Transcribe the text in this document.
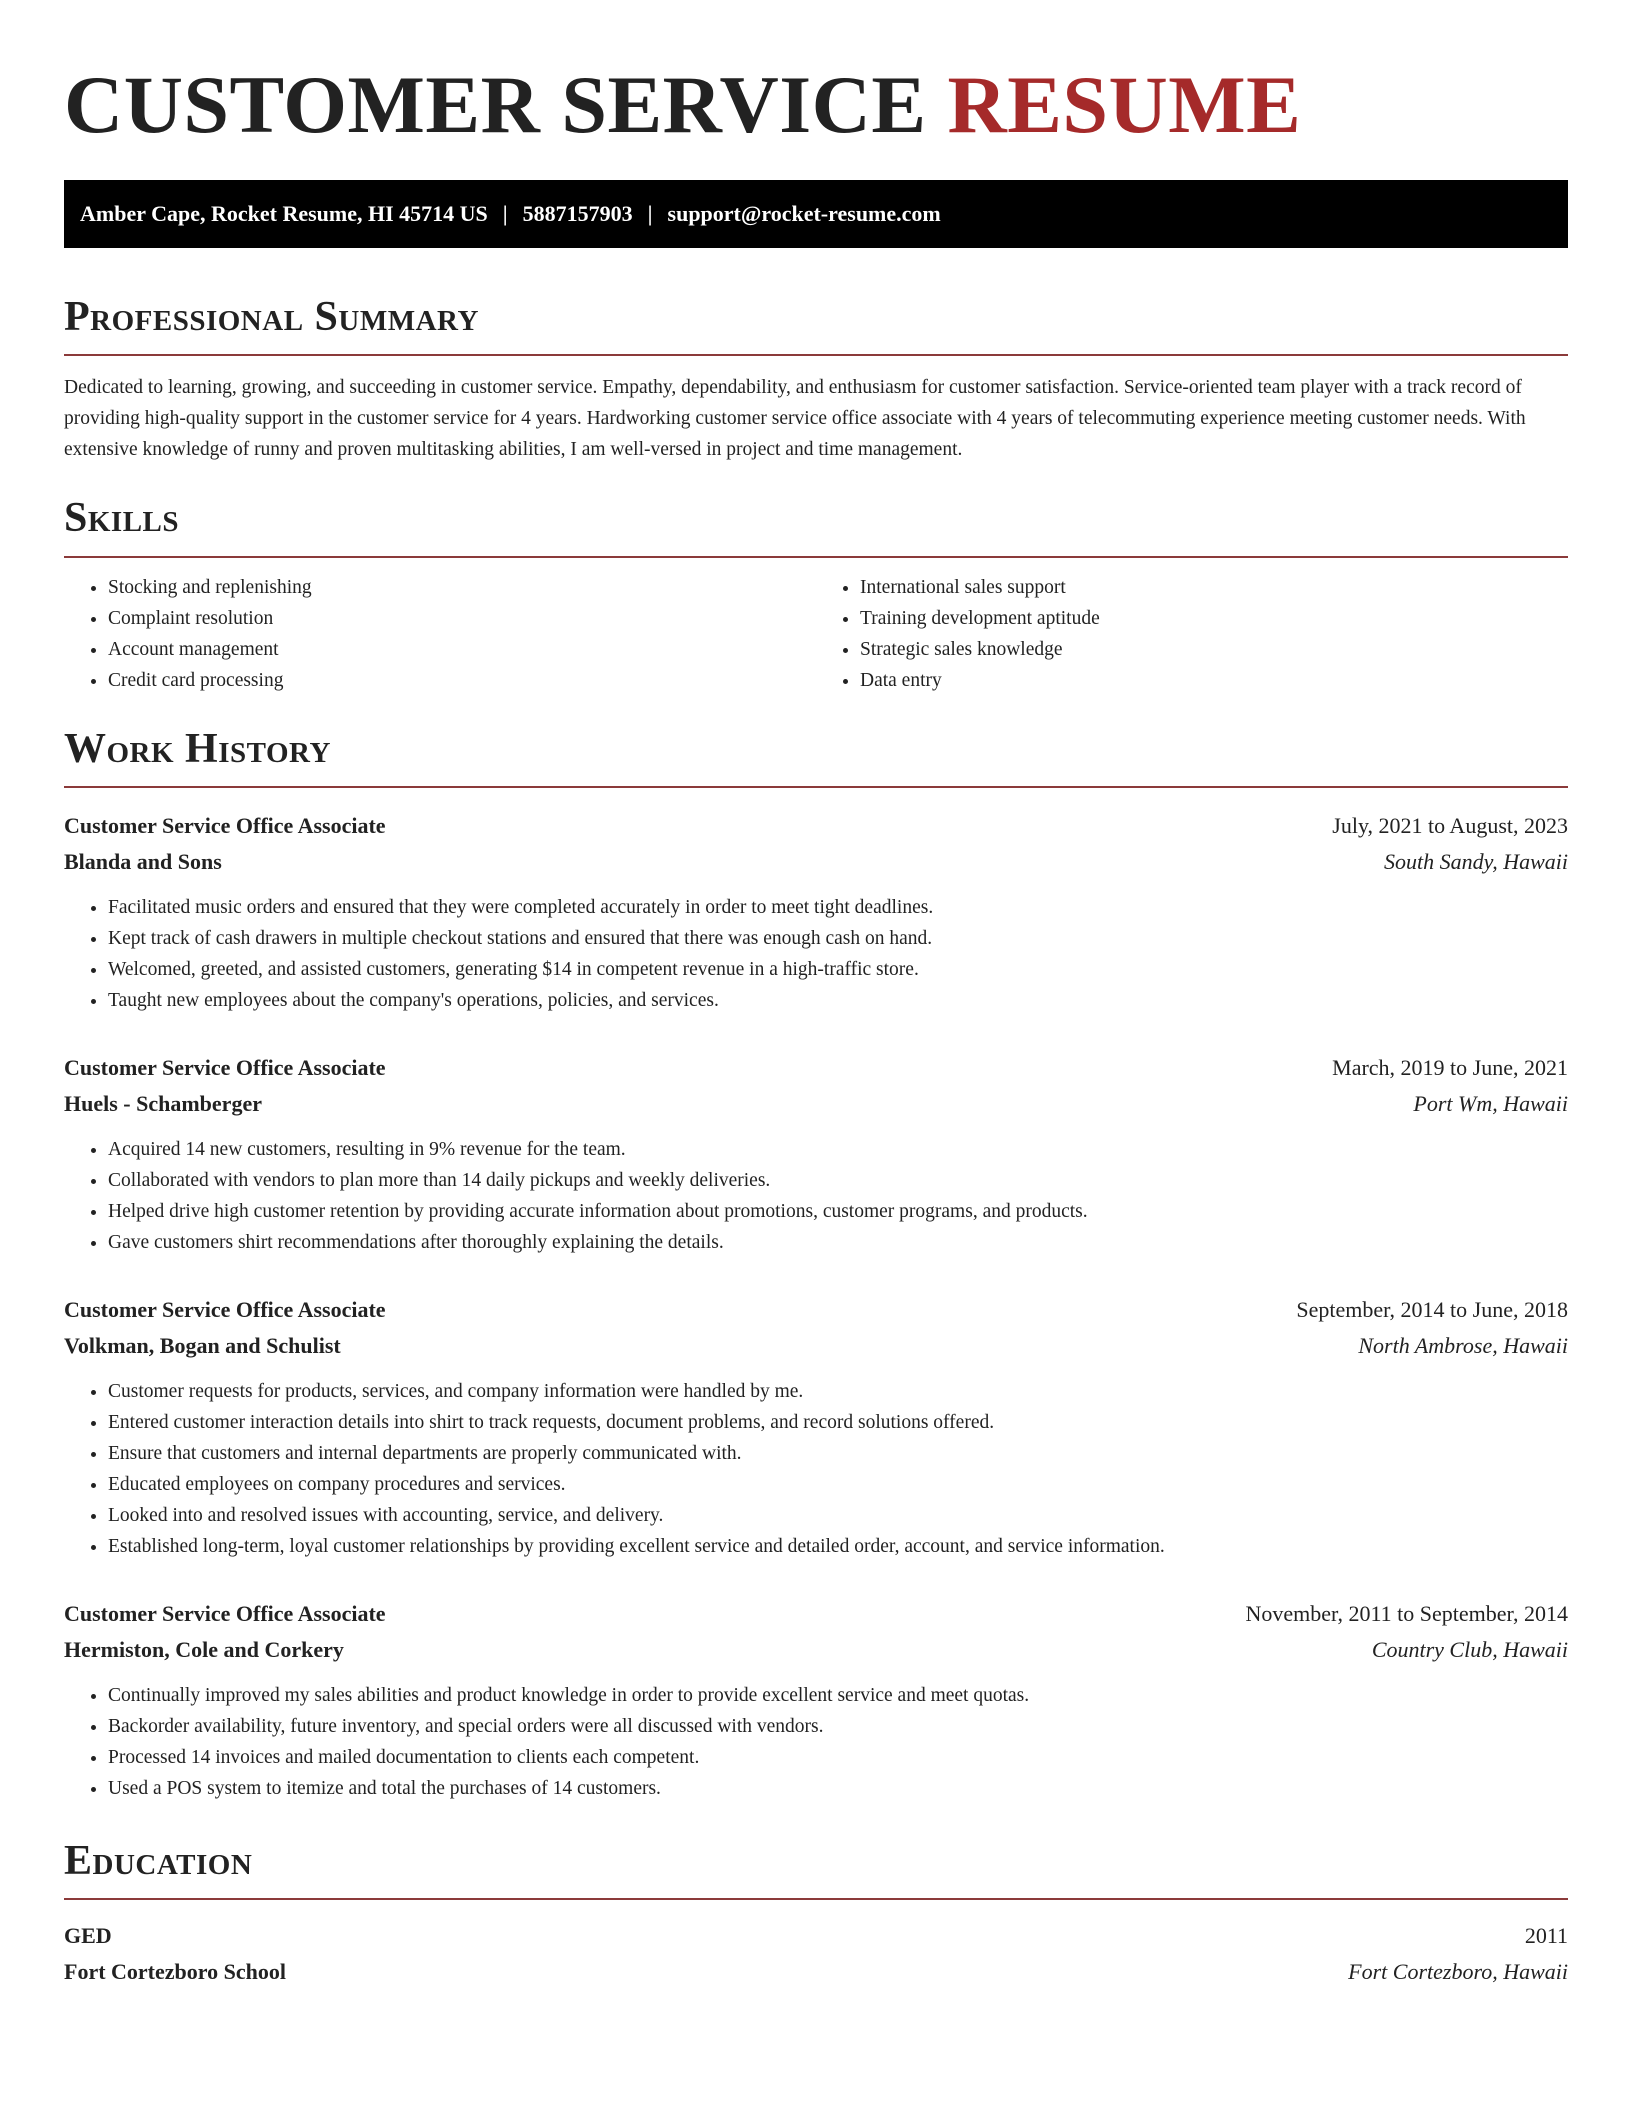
CUSTOMER SERVICE RESUME
Amber Cape, Rocket Resume, HI 45714 US | 5887157903 | support@rocket-resume.com
Professional Summary

Dedicated to learning, growing, and succeeding in customer service. Empathy, dependability, and enthusiasm for customer satisfaction. Service-oriented team player with a track record of providing high-quality support in the customer service for 4 years. Hardworking customer service office associate with 4 years of telecommuting experience meeting customer needs. With extensive knowledge of runny and proven multitasking abilities, I am well-versed in project and time management.

Skills
• Stocking and replenishing
• Complaint resolution
• Account management
• Credit card processing
• International sales support
• Training development aptitude
• Strategic sales knowledge
• Data entry
Work History
Customer Service Office Associate	July, 2021 to August, 2023
Blanda and Sons	South Sandy, Hawaii
• Facilitated music orders and ensured that they were completed accurately in order to meet tight deadlines.
• Kept track of cash drawers in multiple checkout stations and ensured that there was enough cash on hand.
• Welcomed, greeted, and assisted customers, generating $14 in competent revenue in a high-traffic store.
• Taught new employees about the company's operations, policies, and services.
Customer Service Office Associate	March, 2019 to June, 2021
Huels - Schamberger	Port Wm, Hawaii
• Acquired 14 new customers, resulting in 9% revenue for the team.
• Collaborated with vendors to plan more than 14 daily pickups and weekly deliveries.
• Helped drive high customer retention by providing accurate information about promotions, customer programs, and products.
• Gave customers shirt recommendations after thoroughly explaining the details.
Customer Service Office Associate	September, 2014 to June, 2018
Volkman, Bogan and Schulist	North Ambrose, Hawaii
• Customer requests for products, services, and company information were handled by me.
• Entered customer interaction details into shirt to track requests, document problems, and record solutions offered.
• Ensure that customers and internal departments are properly communicated with.
• Educated employees on company procedures and services.
• Looked into and resolved issues with accounting, service, and delivery.
• Established long-term, loyal customer relationships by providing excellent service and detailed order, account, and service information.
Customer Service Office Associate	November, 2011 to September, 2014
Hermiston, Cole and Corkery	Country Club, Hawaii
• Continually improved my sales abilities and product knowledge in order to provide excellent service and meet quotas.
• Backorder availability, future inventory, and special orders were all discussed with vendors.
• Processed 14 invoices and mailed documentation to clients each competent.
• Used a POS system to itemize and total the purchases of 14 customers.
Education
GED	2011
Fort Cortezboro School	Fort Cortezboro, Hawaii
